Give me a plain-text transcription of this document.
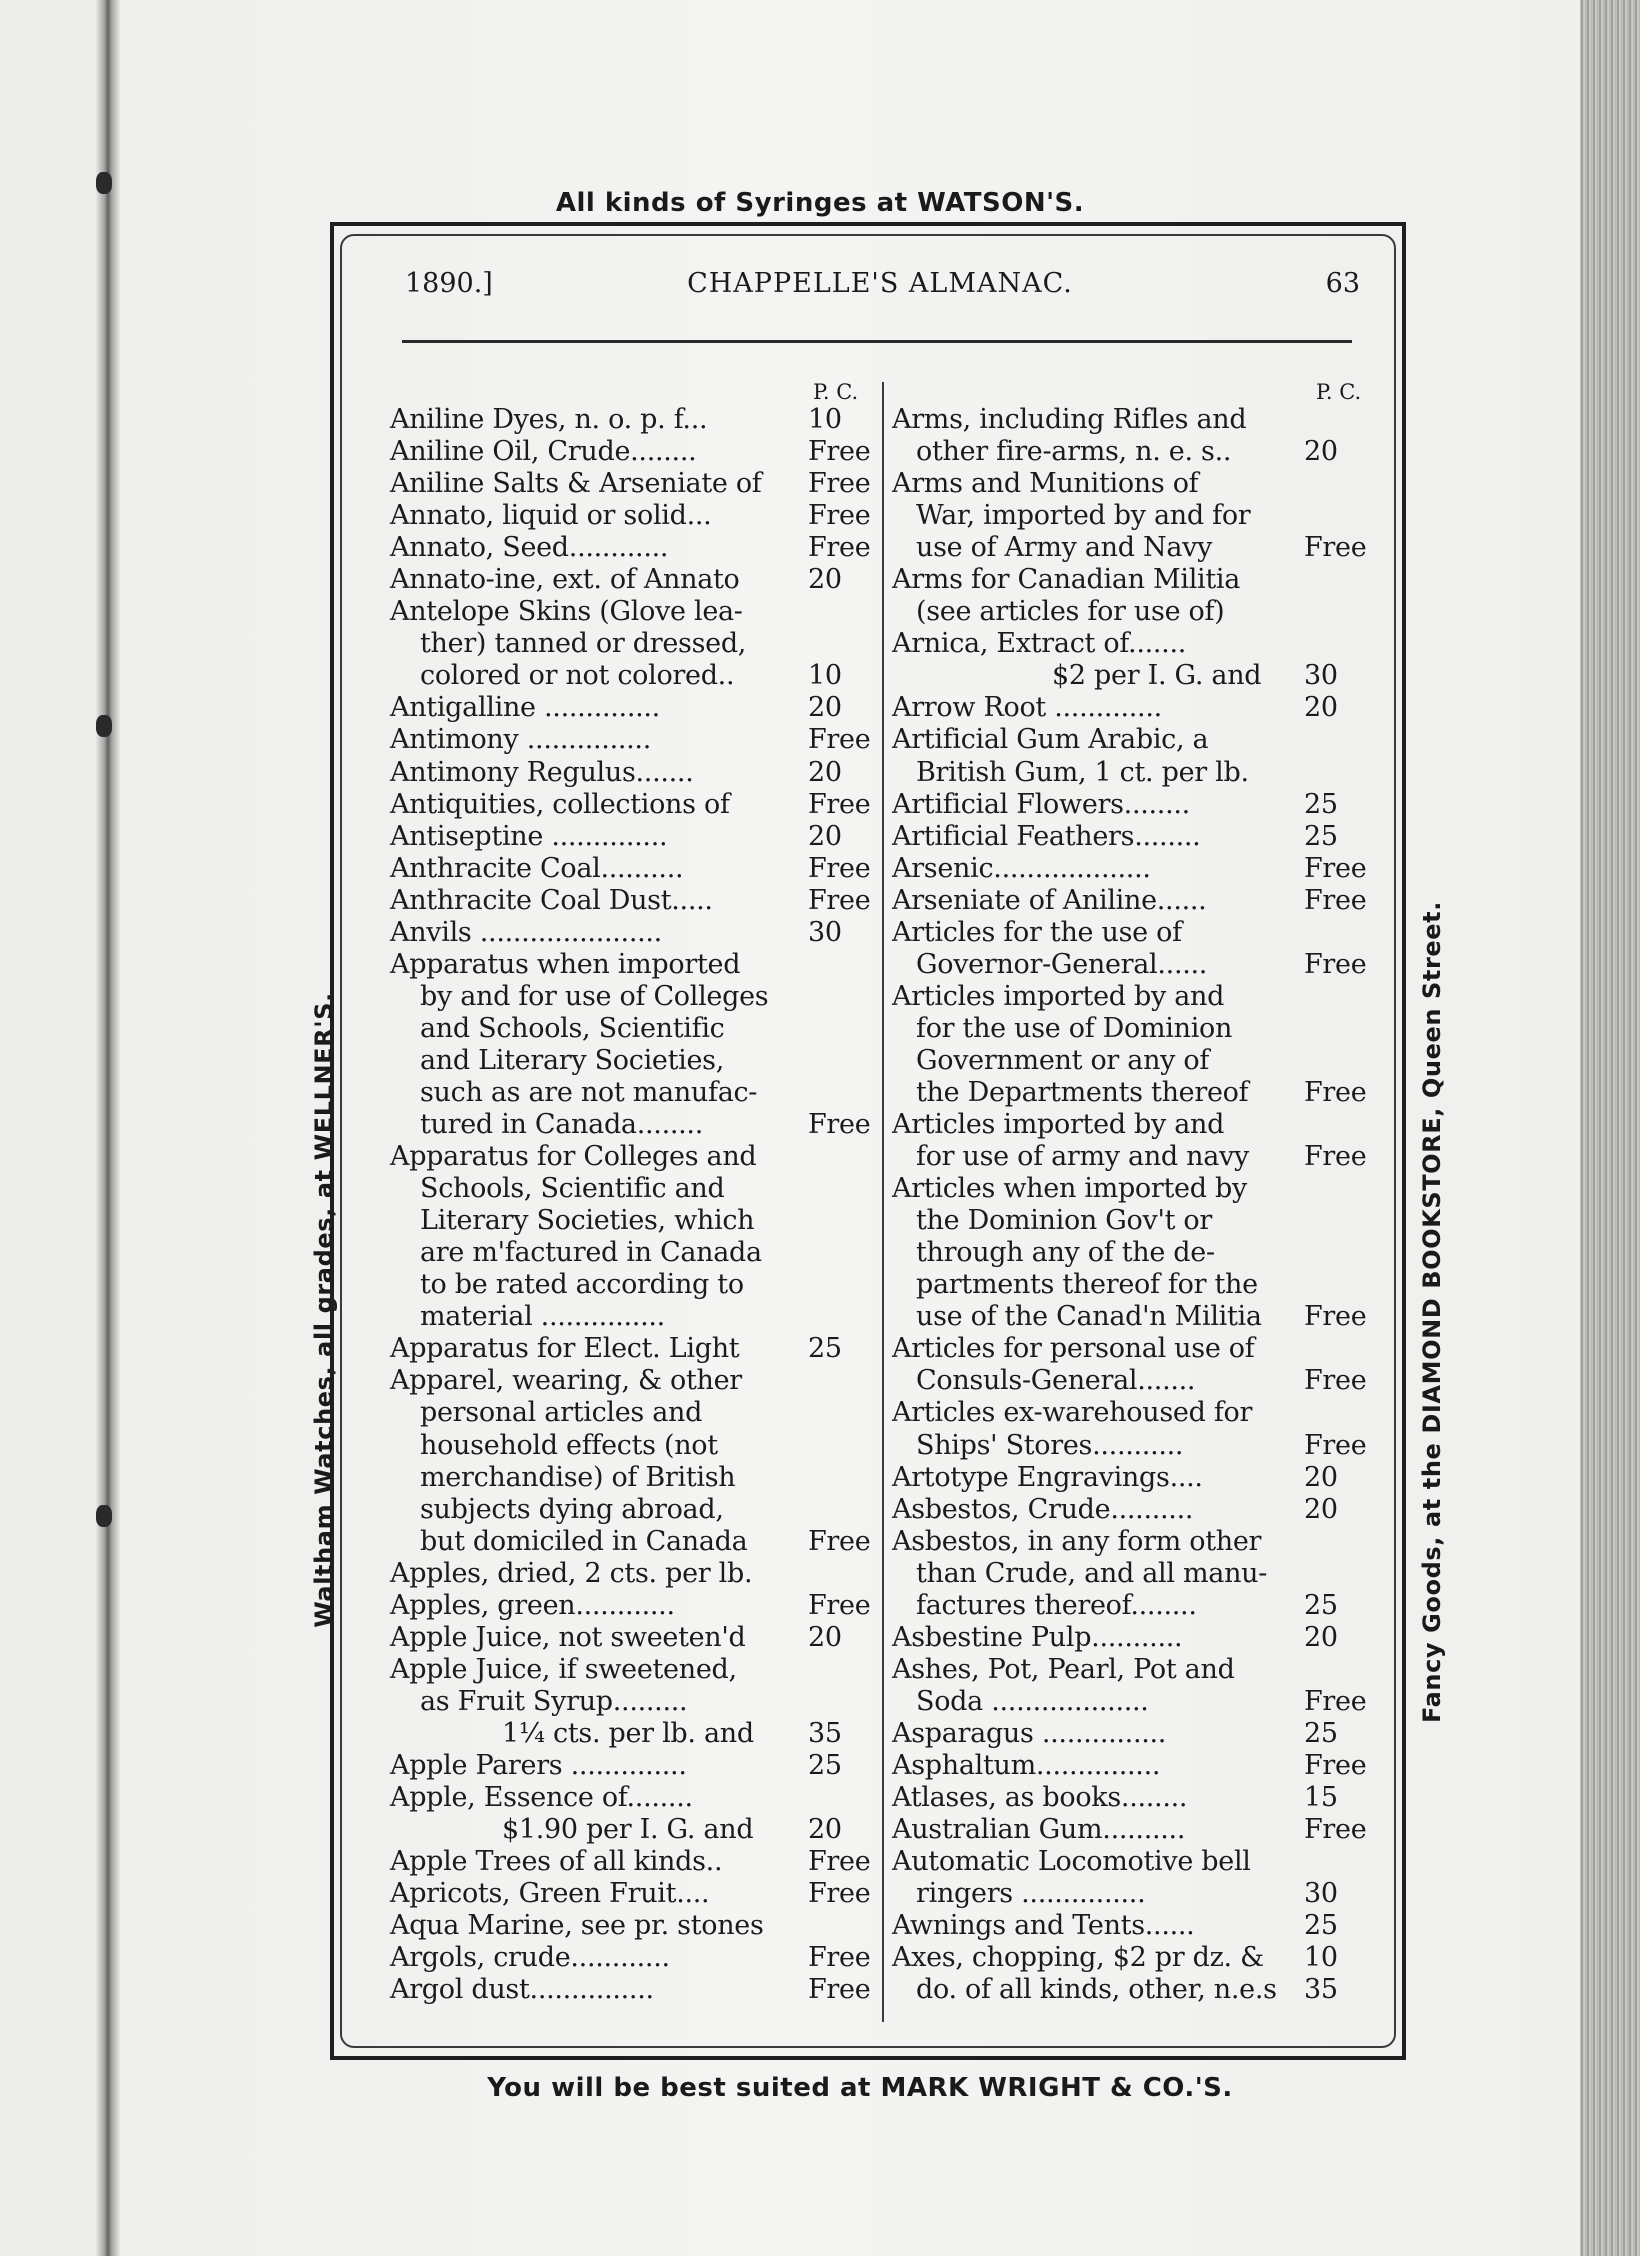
All kinds of Syringes at WATSON'S.
Waltham Watches, all grades, at WELLNER'S.	Fancy Goods, at the DIAMOND BOOKSTORE, Queen Street.
1890.]	CHAPPELLE'S ALMANAC.	63
P. C.
Aniline Dyes, n. o. p. f...	10
Aniline Oil, Crude........	Free
Aniline Salts & Arseniate of Free
Annato, liquid or solid...	Free
Annato, Seed............	Free
Annato-ine, ext. of Annato	20
Antelope Skins (Glove lea-
ther) tanned or dressed,
colored or not colored..	10
Antigalline ..............	20
Antimony ...............	Free
Antimony Regulus.......	20
Antiquities, collections of	Free
Antiseptine ..............	20
Anthracite Coal..........	Free
Anthracite Coal Dust.....	Free
Anvils ......................	30
Apparatus when imported
by and for use of Colleges
and Schools, Scientific
and Literary Societies,
such as are not manufac-
tured in Canada........	Free
Apparatus for Colleges and
Schools, Scientific and
Literary Societies, which
are m'factured in Canada
to be rated according to
material ...............
Apparatus for Elect. Light	25
Apparel, wearing, & other
personal articles and
household effects (not
merchandise) of British
subjects dying abroad,
but domiciled in Canada Free
Apples, dried, 2 cts. per lb.
Apples, green............	Free
Apple Juice, not sweeten'd 20
Apple Juice, if sweetened,
as Fruit Syrup.........
1¼ cts. per lb. and 35
Apple Parers ..............	25
Apple, Essence of........
$1.90 per I. G. and 20
Apple Trees of all kinds..	Free
Apricots, Green Fruit....	Free
Aqua Marine, see pr. stones
Argols, crude............	Free
Argol dust...............	Free
P. C.
Arms, including Rifles and
other fire-arms, n. e. s..	20
Arms and Munitions of
War, imported by and for
use of Army and Navy	Free
Arms for Canadian Militia
(see articles for use of)
Arnica, Extract of.......
$2 per I. G. and 30
Arrow Root .............	20
Artificial Gum Arabic, a
British Gum, 1 ct. per lb.
Artificial Flowers........	25
Artificial Feathers........	25
Arsenic...................	Free
Arseniate of Aniline......	Free
Articles for the use of
Governor-General......	Free
Articles imported by and
for the use of Dominion
Government or any of
the Departments thereof Free
Articles imported by and
for use of army and navy Free
Articles when imported by
the Dominion Gov't or
through any of the de-
partments thereof for the
use of the Canad'n Militia Free
Articles for personal use of
Consuls-General.......	Free
Articles ex-warehoused for
Ships' Stores...........	Free
Artotype Engravings....	20
Asbestos, Crude..........	20
Asbestos, in any form other
than Crude, and all manu-
factures thereof........	25
Asbestine Pulp...........	20
Ashes, Pot, Pearl, Pot and
Soda ...................	Free
Asparagus ...............	25
Asphaltum...............	Free
Atlases, as books........	15
Australian Gum..........	Free
Automatic Locomotive bell
ringers ...............	30
Awnings and Tents......	25
Axes, chopping, $2 pr dz. & 10
do. of all kinds, other, n.e.s 35
You will be best suited at MARK WRIGHT & CO.'S.
